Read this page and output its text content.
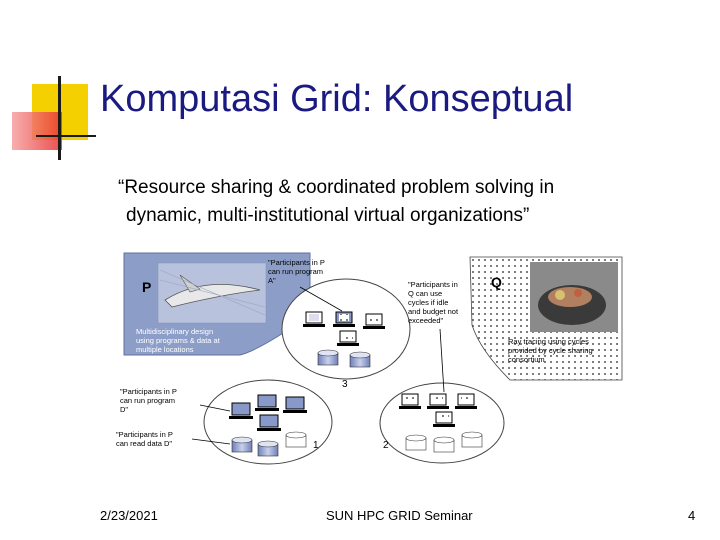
Komputasi Grid: Konseptual
“Resource sharing & coordinated problem solving in
dynamic, multi-institutional virtual organizations”
P
Multidisciplinary design
using programs & data at
multiple locations
Q
Ray tracing using cycles
provided by cycle sharing
consortium
3
1	2
"Participants in P
can run program
A"	"Participants in
Q can use
cycles if idle
and budget not
exceeded"
"Participants in P
can run program
D"
"Participants in P
can read data D"
2/23/2021	SUN HPC GRID Seminar	4
